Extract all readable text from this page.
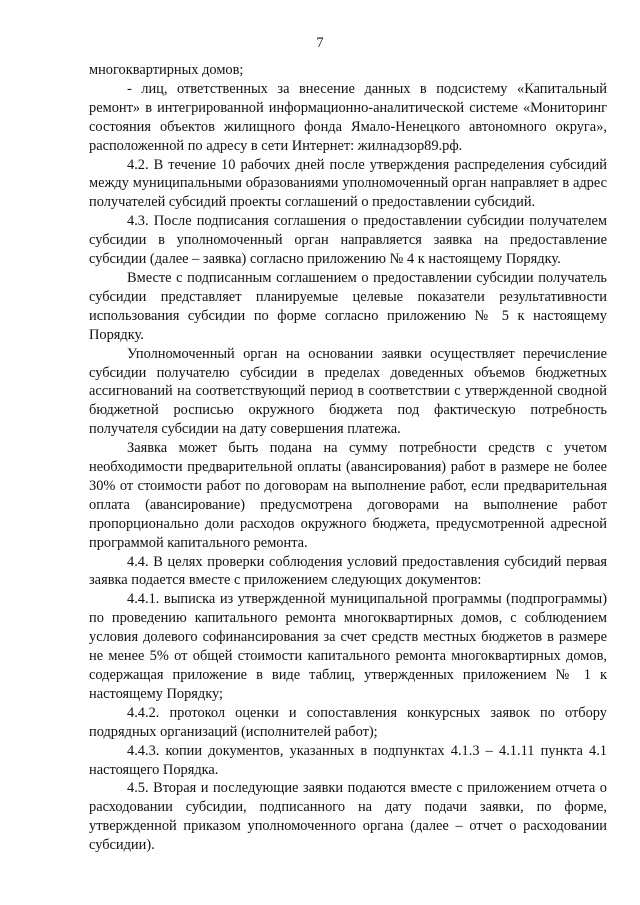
7

многоквартирных домов;

- лиц, ответственных за внесение данных в подсистему «Капитальный ремонт» в интегрированной информационно-аналитической системе «Мониторинг состояния объектов жилищного фонда Ямало-Ненецкого автономного округа», расположенной по адресу в сети Интернет: жилнадзор89.рф.

4.2. В течение 10 рабочих дней после утверждения распределения субсидий между муниципальными образованиями уполномоченный орган направляет в адрес получателей субсидий проекты соглашений о предоставлении субсидий.

4.3. После подписания соглашения о предоставлении субсидии получателем субсидии в уполномоченный орган направляется заявка на предоставление субсидии (далее – заявка) согласно приложению № 4 к настоящему Порядку.

Вместе с подписанным соглашением о предоставлении субсидии получатель субсидии представляет планируемые целевые показатели результативности использования субсидии по форме согласно приложению № 5 к настоящему Порядку.

Уполномоченный орган на основании заявки осуществляет перечисление субсидии получателю субсидии в пределах доведенных объемов бюджетных ассигнований на соответствующий период в соответствии с утвержденной сводной бюджетной росписью окружного бюджета под фактическую потребность получателя субсидии на дату совершения платежа.

Заявка может быть подана на сумму потребности средств с учетом необходимости предварительной оплаты (авансирования) работ в размере не более 30% от стоимости работ по договорам на выполнение работ, если предварительная оплата (авансирование) предусмотрена договорами на выполнение работ пропорционально доли расходов окружного бюджета, предусмотренной адресной программой капитального ремонта.

4.4. В целях проверки соблюдения условий предоставления субсидий первая заявка подается вместе с приложением следующих документов:

4.4.1. выписка из утвержденной муниципальной программы (подпрограммы) по проведению капитального ремонта многоквартирных домов, с соблюдением условия долевого софинансирования за счет средств местных бюджетов в размере не менее 5% от общей стоимости капитального ремонта многоквартирных домов, содержащая приложение в виде таблиц, утвержденных приложением № 1 к настоящему Порядку;

4.4.2. протокол оценки и сопоставления конкурсных заявок по отбору подрядных организаций (исполнителей работ);

4.4.3. копии документов, указанных в подпунктах 4.1.3 – 4.1.11 пункта 4.1 настоящего Порядка.

4.5. Вторая и последующие заявки подаются вместе с приложением отчета о расходовании субсидии, подписанного на дату подачи заявки, по форме, утвержденной приказом уполномоченного органа (далее – отчет о расходовании субсидии).
